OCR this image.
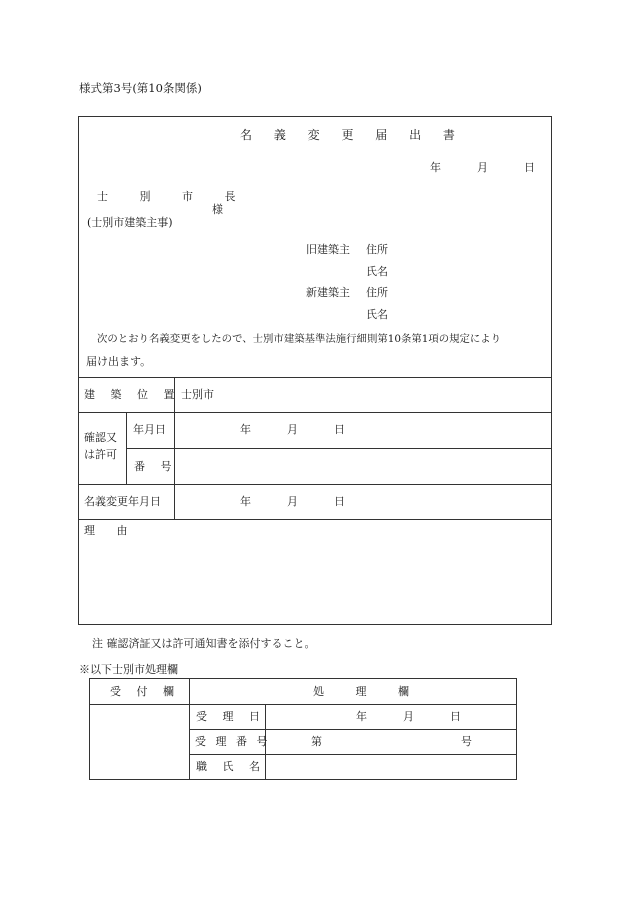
様式第3号(第10条関係)
名 義 変 更 届 出 書
年	月	日
士 別 市 長
様
(士別市建築主事)
旧建築主 住所
氏名
新建築主 住所
氏名
次のとおり名義変更をしたので、士別市建築基準法施行細則第10条第1項の規定により
届け出ます。
建 築 位 置 士別市
確認又
は許可
年月日	年	月	日
番 号
名義変更年月日	年	月	日
理 由
注 確認済証又は許可通知書を添付すること。
※以下士別市処理欄
受 付 欄	処 理 欄
受 理 日	年	月	日
受 理 番 号	第	号
職 氏 名
